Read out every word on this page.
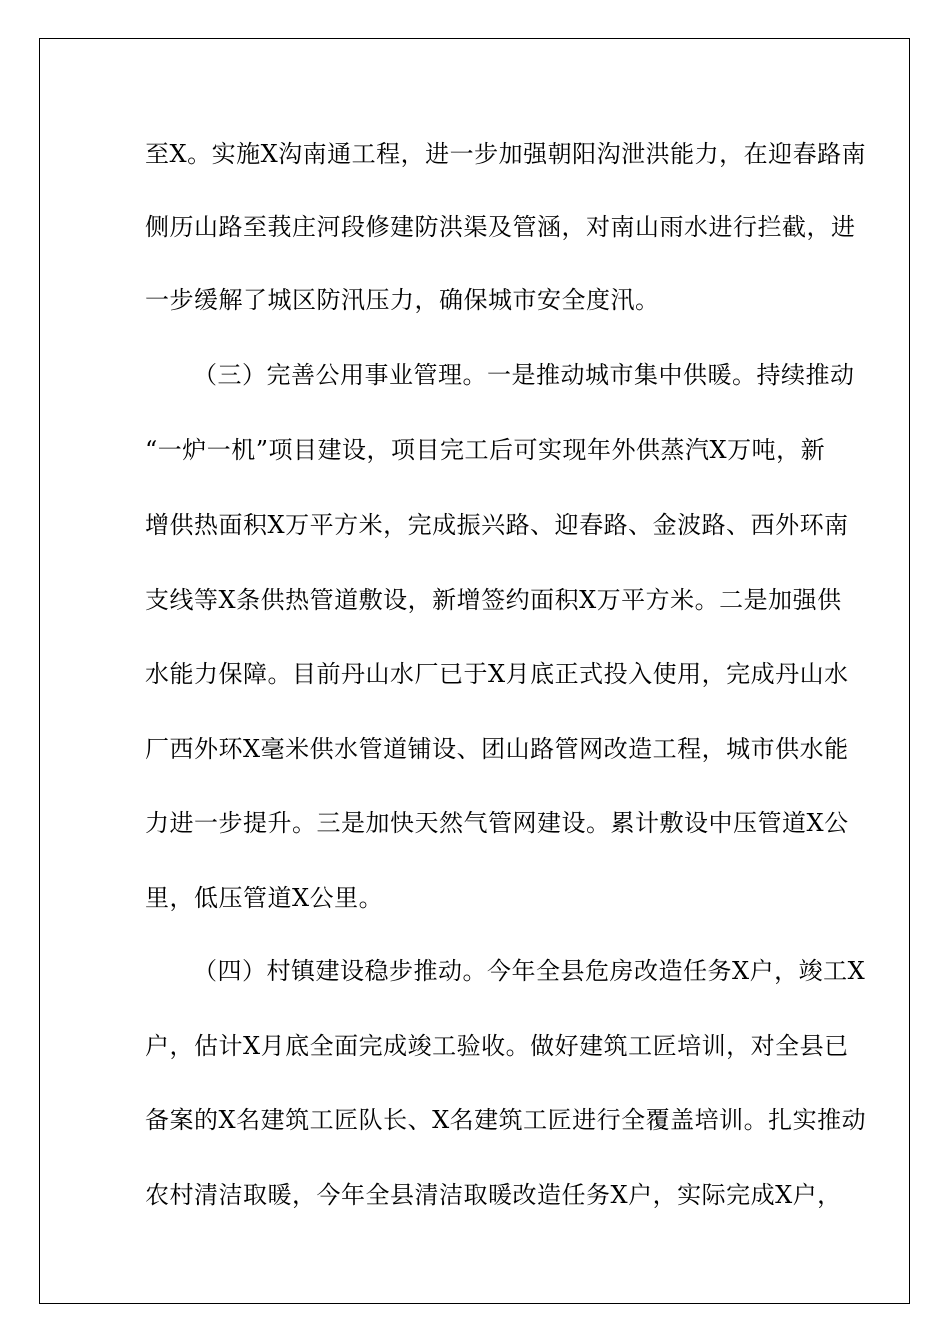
至X。实施X沟南通工程，进一步加强朝阳沟泄洪能力，在迎春路南
侧历山路至莪庄河段修建防洪渠及管涵，对南山雨水进行拦截，进
一步缓解了城区防汛压力，确保城市安全度汛。
（三）完善公用事业管理。一是推动城市集中供暖。持续推动
“一炉一机”项目建设，项目完工后可实现年外供蒸汽X万吨，新
增供热面积X万平方米，完成振兴路、迎春路、金波路、西外环南
支线等X条供热管道敷设，新增签约面积X万平方米。二是加强供
水能力保障。目前丹山水厂已于X月底正式投入使用，完成丹山水
厂西外环X毫米供水管道铺设、团山路管网改造工程，城市供水能
力进一步提升。三是加快天然气管网建设。累计敷设中压管道X公
里，低压管道X公里。
（四）村镇建设稳步推动。今年全县危房改造任务X户，竣工X
户，估计X月底全面完成竣工验收。做好建筑工匠培训，对全县已
备案的X名建筑工匠队长、X名建筑工匠进行全覆盖培训。扎实推动
农村清洁取暖，今年全县清洁取暖改造任务X户，实际完成X户，
